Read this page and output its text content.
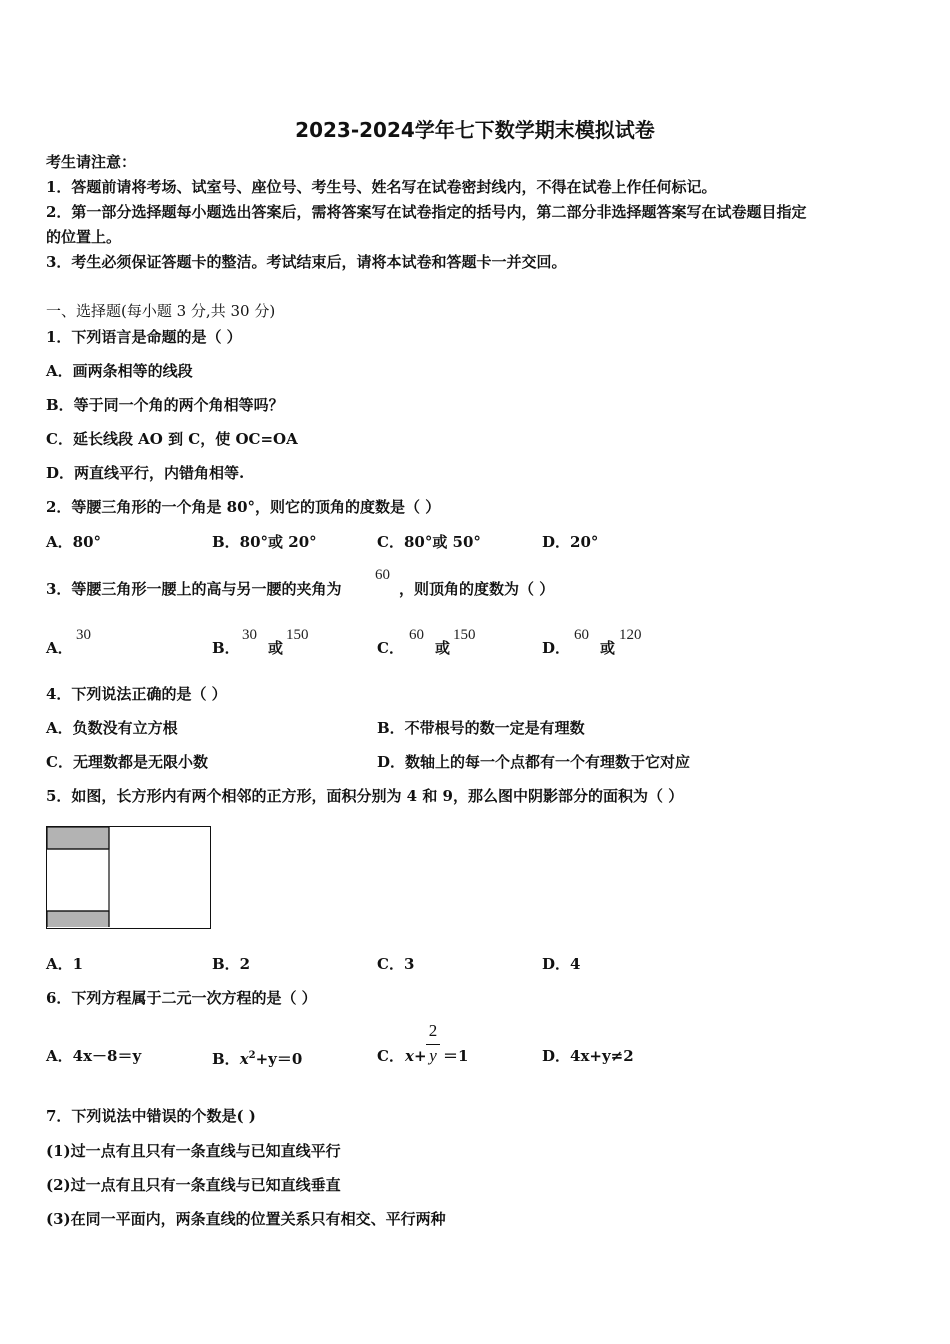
2023-2024学年七下数学期末模拟试卷
考生请注意：
1．答题前请将考场、试室号、座位号、考生号、姓名写在试卷密封线内，不得在试卷上作任何标记。
2．第一部分选择题每小题选出答案后，需将答案写在试卷指定的括号内，第二部分非选择题答案写在试卷题目指定
的位置上。
3．考生必须保证答题卡的整洁。考试结束后，请将本试卷和答题卡一并交回。
一、选择题(每小题 3 分,共 30 分)
1．下列语言是命题的是（ ）
A．画两条相等的线段
B．等于同一个角的两个角相等吗？
C．延长线段 AO 到 C，使 OC=OA
D．两直线平行，内错角相等.
2．等腰三角形的一个角是 80°，则它的顶角的度数是（ ）
A．80°	B．80°或 20°	C．80°或 50°	D．20°
3．等腰三角形一腰上的高与另一腰的夹角为
60
，则顶角的度数为（ ）
A．
30
B．
30
或
150
C．
60
或
150
D．
60
或
120
4．下列说法正确的是（ ）
A．负数没有立方根	B．不带根号的数一定是有理数
C．无理数都是无限小数	D．数轴上的每一个点都有一个有理数于它对应
5．如图，长方形内有两个相邻的正方形，面积分别为 4 和 9，那么图中阴影部分的面积为（ ）
A．1	B．2	C．3	D．4
6．下列方程属于二元一次方程的是（ ）
A．4x－8＝y	B．$x^2+y=0$	C． x+
2
y ＝1	D．4x+y≠2
7．下列说法中错误的个数是( )
(1)过一点有且只有一条直线与已知直线平行
(2)过一点有且只有一条直线与已知直线垂直
(3)在同一平面内，两条直线的位置关系只有相交、平行两种
